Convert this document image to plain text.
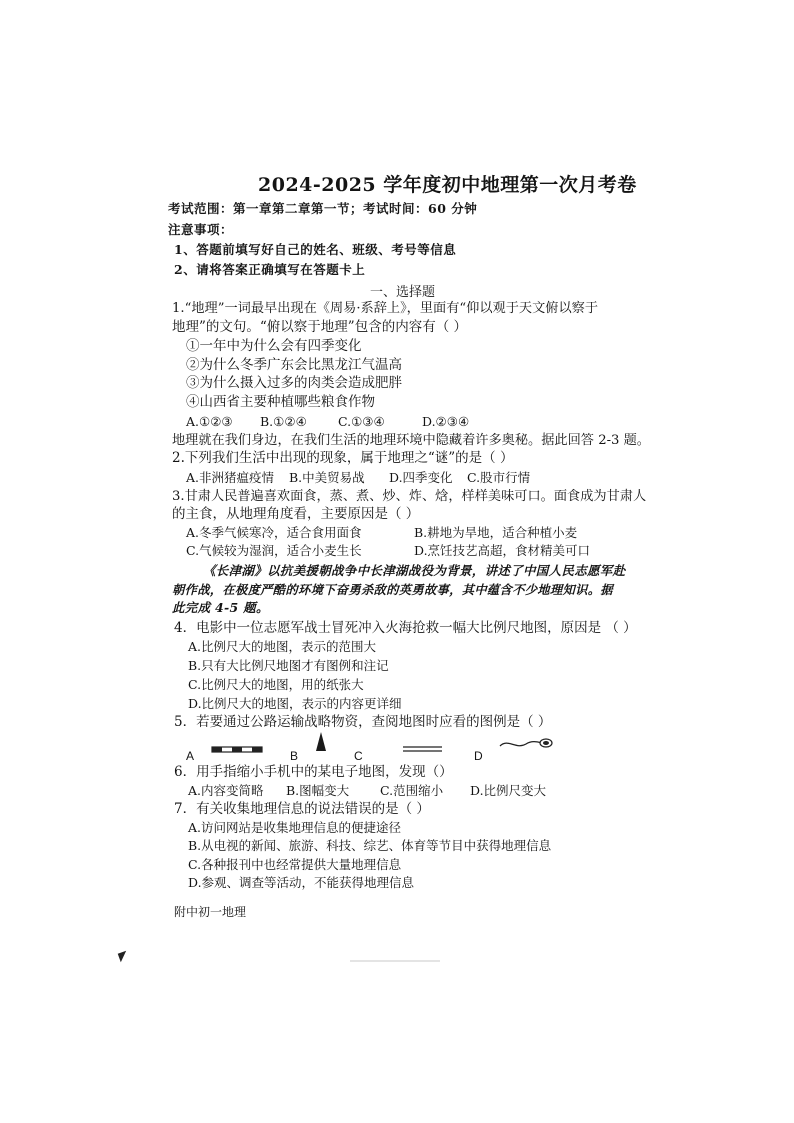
2024-2025 学年度初中地理第一次月考卷
考试范围：第一章第二章第一节；考试时间：60 分钟
注意事项：
1、答题前填写好自己的姓名、班级、考号等信息
2、请将答案正确填写在答题卡上
一、选择题
1.“地理”一词最早出现在《周易·系辞上》，里面有“仰以观于天文俯以察于
地理”的文句。“俯以察于地理”包含的内容有（ ）
①一年中为什么会有四季变化
②为什么冬季广东会比黑龙江气温高
③为什么摄入过多的肉类会造成肥胖
④山西省主要种植哪些粮食作物
A.①②③ B.①②④ C.①③④	D.②③④
地理就在我们身边，在我们生活的地理环境中隐藏着许多奥秘。据此回答 2-3 题。
2.下列我们生活中出现的现象，属于地理之“谜”的是（ ）
A.非洲猪瘟疫情 B.中美贸易战 D.四季变化 C.股市行情
3.甘肃人民普遍喜欢面食，蒸、煮、炒、炸、焓，样样美味可口。面食成为甘肃人
的主食，从地理角度看，主要原因是（ ）
A.冬季气候寒冷，适合食用面食	B.耕地为旱地，适合种植小麦
C.气候较为湿润，适合小麦生长	D.烹饪技艺高超，食材精美可口
《长津湖》以抗美援朝战争中长津湖战役为背景，讲述了中国人民志愿军赴
朝作战，在极度严酷的环境下奋勇杀敌的英勇故事，其中蕴含不少地理知识。据
此完成 4-5 题。
4．电影中一位志愿军战士冒死冲入火海抢救一幅大比例尺地图，原因是 （ ）
A.比例尺大的地图，表示的范围大
B.只有大比例尺地图才有图例和注记
C.比例尺大的地图，用的纸张大
D.比例尺大的地图，表示的内容更详细
5．若要通过公路运输战略物资，查阅地图时应看的图例是（ ）
A	B	C	D
6．用手指缩小手机中的某电子地图，发现（）
A.内容变简略 B.图幅变大 C.范围缩小 D.比例尺变大
7．有关收集地理信息的说法错误的是（ ）
A.访问网站是收集地理信息的便捷途径
B.从电视的新闻、旅游、科技、综艺、体育等节目中获得地理信息
C.各种报刊中也经常提供大量地理信息
D.参观、调查等活动，不能获得地理信息
附中初一地理
